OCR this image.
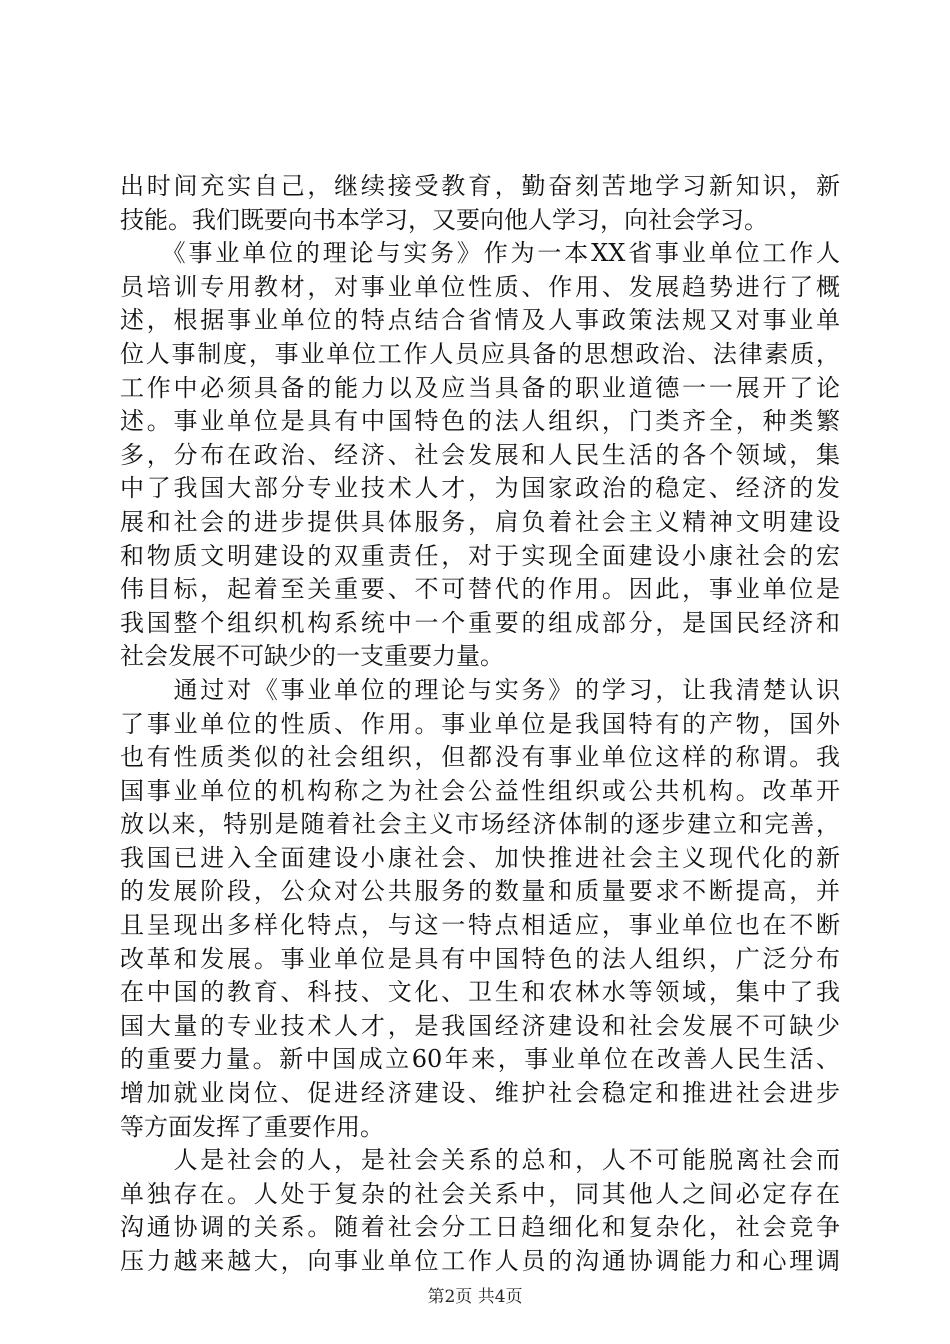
出时间充实自己，继续接受教育，勤奋刻苦地学习新知识，新
技能。我们既要向书本学习，又要向他人学习，向社会学习。
　　《事业单位的理论与实务》作为一本XX省事业单位工作人
员培训专用教材，对事业单位性质、作用、发展趋势进行了概
述，根据事业单位的特点结合省情及人事政策法规又对事业单
位人事制度，事业单位工作人员应具备的思想政治、法律素质，
工作中必须具备的能力以及应当具备的职业道德一一展开了论
述。事业单位是具有中国特色的法人组织，门类齐全，种类繁
多，分布在政治、经济、社会发展和人民生活的各个领域，集
中了我国大部分专业技术人才，为国家政治的稳定、经济的发
展和社会的进步提供具体服务，肩负着社会主义精神文明建设
和物质文明建设的双重责任，对于实现全面建设小康社会的宏
伟目标，起着至关重要、不可替代的作用。因此，事业单位是
我国整个组织机构系统中一个重要的组成部分，是国民经济和
社会发展不可缺少的一支重要力量。
　　通过对《事业单位的理论与实务》的学习，让我清楚认识
了事业单位的性质、作用。事业单位是我国特有的产物，国外
也有性质类似的社会组织，但都没有事业单位这样的称谓。我
国事业单位的机构称之为社会公益性组织或公共机构。改革开
放以来，特别是随着社会主义市场经济体制的逐步建立和完善，
我国已进入全面建设小康社会、加快推进社会主义现代化的新
的发展阶段，公众对公共服务的数量和质量要求不断提高，并
且呈现出多样化特点，与这一特点相适应，事业单位也在不断
改革和发展。事业单位是具有中国特色的法人组织，广泛分布
在中国的教育、科技、文化、卫生和农林水等领域，集中了我
国大量的专业技术人才，是我国经济建设和社会发展不可缺少
的重要力量。新中国成立60年来，事业单位在改善人民生活、
增加就业岗位、促进经济建设、维护社会稳定和推进社会进步
等方面发挥了重要作用。
　　人是社会的人，是社会关系的总和，人不可能脱离社会而
单独存在。人处于复杂的社会关系中，同其他人之间必定存在
沟通协调的关系。随着社会分工日趋细化和复杂化，社会竞争
压力越来越大，向事业单位工作人员的沟通协调能力和心理调
第2页 共4页
